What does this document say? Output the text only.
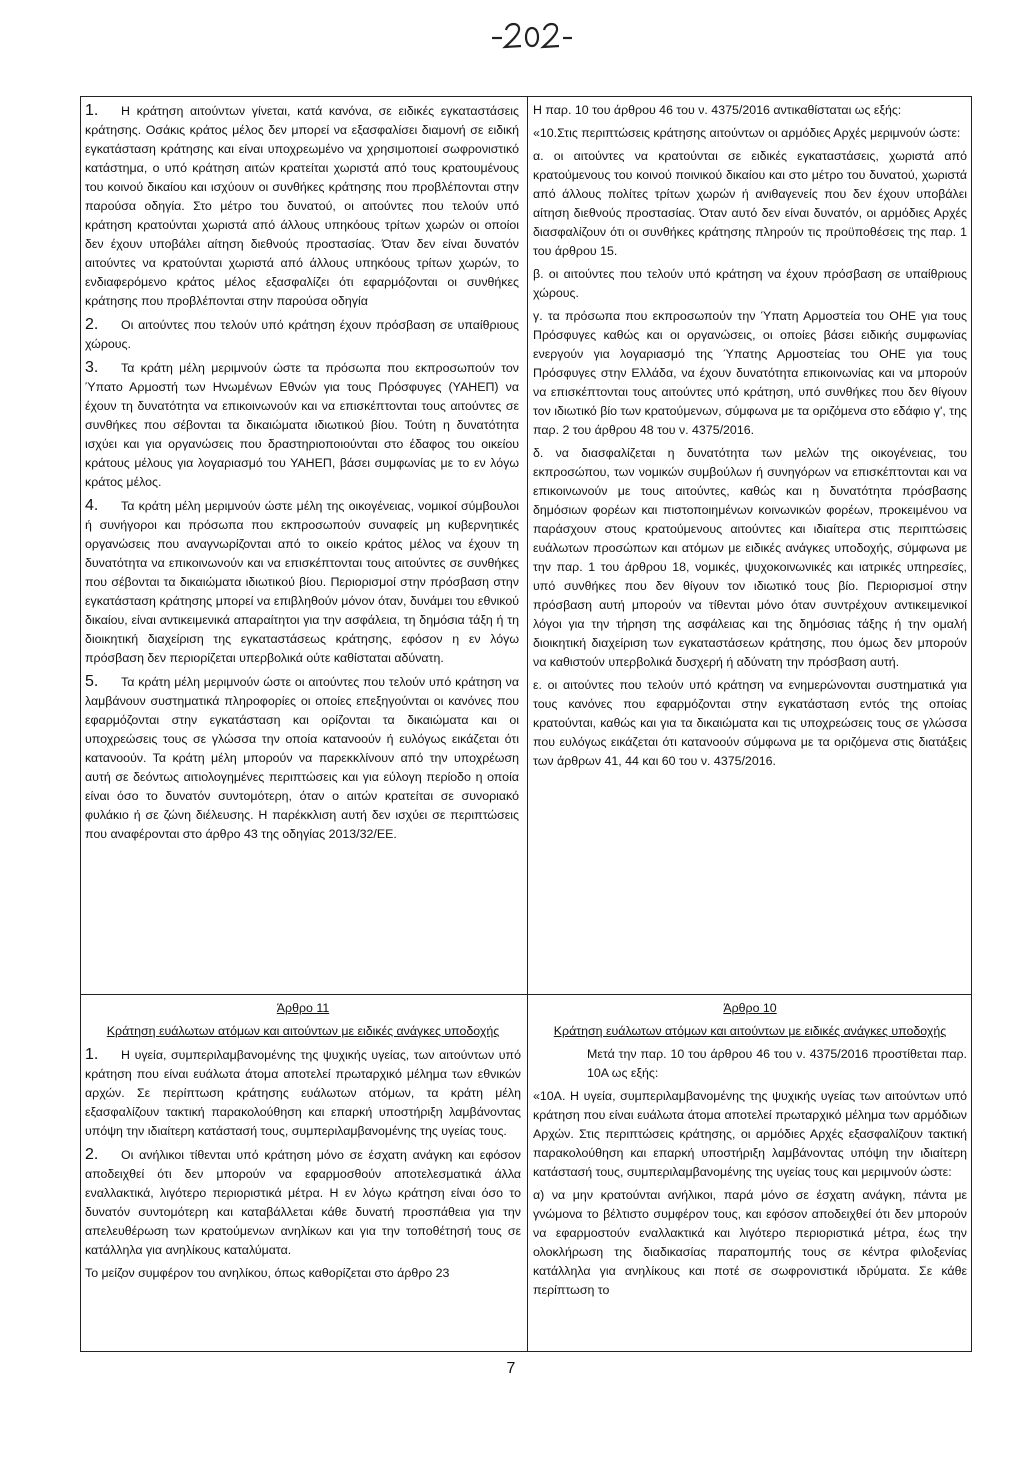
1. Η κράτηση αιτούντων γίνεται, κατά κανόνα, σε ειδικές εγκαταστάσεις κράτησης. Οσάκις κράτος μέλος δεν μπορεί να εξασφαλίσει διαμονή σε ειδική εγκατάσταση κράτησης και είναι υποχρεωμένο να χρησιμοποιεί σωφρονιστικό κατάστημα, ο υπό κράτηση αιτών κρατείται χωριστά από τους κρατουμένους του κοινού δικαίου και ισχύουν οι συνθήκες κράτησης που προβλέπονται στην παρούσα οδηγία. Στο μέτρο του δυνατού, οι αιτούντες που τελούν υπό κράτηση κρατούνται χωριστά από άλλους υπηκόους τρίτων χωρών οι οποίοι δεν έχουν υποβάλει αίτηση διεθνούς προστασίας. Όταν δεν είναι δυνατόν αιτούντες να κρατούνται χωριστά από άλλους υπηκόους τρίτων χωρών, το ενδιαφερόμενο κράτος μέλος εξασφαλίζει ότι εφαρμόζονται οι συνθήκες κράτησης που προβλέπονται στην παρούσα οδηγία

2. Οι αιτούντες που τελούν υπό κράτηση έχουν πρόσβαση σε υπαίθριους χώρους.

3. Τα κράτη μέλη μεριμνούν ώστε τα πρόσωπα που εκπροσωπούν τον Ύπατο Αρμοστή των Ηνωμένων Εθνών για τους Πρόσφυγες (ΥΑΗΕΠ) να έχουν τη δυνατότητα να επικοινωνούν και να επισκέπτονται τους αιτούντες σε συνθήκες που σέβονται τα δικαιώματα ιδιωτικού βίου. Τούτη η δυνατότητα ισχύει και για οργανώσεις που δραστηριοποιούνται στο έδαφος του οικείου κράτους μέλους για λογαριασμό του ΥΑΗΕΠ, βάσει συμφωνίας με το εν λόγω κράτος μέλος.

4. Τα κράτη μέλη μεριμνούν ώστε μέλη της οικογένειας, νομικοί σύμβουλοι ή συνήγοροι και πρόσωπα που εκπροσωπούν συναφείς μη κυβερνητικές οργανώσεις που αναγνωρίζονται από το οικείο κράτος μέλος να έχουν τη δυνατότητα να επικοινωνούν και να επισκέπτονται τους αιτούντες σε συνθήκες που σέβονται τα δικαιώματα ιδιωτικού βίου. Περιορισμοί στην πρόσβαση στην εγκατάσταση κράτησης μπορεί να επιβληθούν μόνον όταν, δυνάμει του εθνικού δικαίου, είναι αντικειμενικά απαραίτητοι για την ασφάλεια, τη δημόσια τάξη ή τη διοικητική διαχείριση της εγκαταστάσεως κράτησης, εφόσον η εν λόγω πρόσβαση δεν περιορίζεται υπερβολικά ούτε καθίσταται αδύνατη.

5. Τα κράτη μέλη μεριμνούν ώστε οι αιτούντες που τελούν υπό κράτηση να λαμβάνουν συστηματικά πληροφορίες οι οποίες επεξηγούνται οι κανόνες που εφαρμόζονται στην εγκατάσταση και ορίζονται τα δικαιώματα και οι υποχρεώσεις τους σε γλώσσα την οποία κατανοούν ή ευλόγως εικάζεται ότι κατανοούν. Τα κράτη μέλη μπορούν να παρεκκλίνουν από την υποχρέωση αυτή σε δεόντως αιτιολογημένες περιπτώσεις και για εύλογη περίοδο η οποία είναι όσο το δυνατόν συντομότερη, όταν ο αιτών κρατείται σε συνοριακό φυλάκιο ή σε ζώνη διέλευσης. Η παρέκκλιση αυτή δεν ισχύει σε περιπτώσεις που αναφέρονται στο άρθρο 43 της οδηγίας 2013/32/ΕΕ.

Η παρ. 10 του άρθρου 46 του ν. 4375/2016 αντικαθίσταται ως εξής:

«10.Στις περιπτώσεις κράτησης αιτούντων οι αρμόδιες Αρχές μεριμνούν ώστε:

α. οι αιτούντες να κρατούνται σε ειδικές εγκαταστάσεις, χωριστά από κρατούμενους του κοινού ποινικού δικαίου και στο μέτρο του δυνατού, χωριστά από άλλους πολίτες τρίτων χωρών ή ανιθαγενείς που δεν έχουν υποβάλει αίτηση διεθνούς προστασίας. Όταν αυτό δεν είναι δυνατόν, οι αρμόδιες Αρχές διασφαλίζουν ότι οι συνθήκες κράτησης πληρούν τις προϋποθέσεις της παρ. 1 του άρθρου 15.

β. οι αιτούντες που τελούν υπό κράτηση να έχουν πρόσβαση σε υπαίθριους χώρους.

γ. τα πρόσωπα που εκπροσωπούν την Ύπατη Αρμοστεία του ΟΗΕ για τους Πρόσφυγες καθώς και οι οργανώσεις, οι οποίες βάσει ειδικής συμφωνίας ενεργούν για λογαριασμό της Ύπατης Αρμοστείας του ΟΗΕ για τους Πρόσφυγες στην Ελλάδα, να έχουν δυνατότητα επικοινωνίας και να μπορούν να επισκέπτονται τους αιτούντες υπό κράτηση, υπό συνθήκες που δεν θίγουν τον ιδιωτικό βίο των κρατούμενων, σύμφωνα με τα οριζόμενα στο εδάφιο γ', της παρ. 2 του άρθρου 48 του ν. 4375/2016.

δ. να διασφαλίζεται η δυνατότητα των μελών της οικογένειας, του εκπροσώπου, των νομικών συμβούλων ή συνηγόρων να επισκέπτονται και να επικοινωνούν με τους αιτούντες, καθώς και η δυνατότητα πρόσβασης δημόσιων φορέων και πιστοποιημένων κοινωνικών φορέων, προκειμένου να παράσχουν στους κρατούμενους αιτούντες και ιδιαίτερα στις περιπτώσεις ευάλωτων προσώπων και ατόμων με ειδικές ανάγκες υποδοχής, σύμφωνα με την παρ. 1 του άρθρου 18, νομικές, ψυχοκοινωνικές και ιατρικές υπηρεσίες, υπό συνθήκες που δεν θίγουν τον ιδιωτικό τους βίο. Περιορισμοί στην πρόσβαση αυτή μπορούν να τίθενται μόνο όταν συντρέχουν αντικειμενικοί λόγοι για την τήρηση της ασφάλειας και της δημόσιας τάξης ή την ομαλή διοικητική διαχείριση των εγκαταστάσεων κράτησης, που όμως δεν μπορούν να καθιστούν υπερβολικά δυσχερή ή αδύνατη την πρόσβαση αυτή.

ε. οι αιτούντες που τελούν υπό κράτηση να ενημερώνονται συστηματικά για τους κανόνες που εφαρμόζονται στην εγκατάσταση εντός της οποίας κρατούνται, καθώς και για τα δικαιώματα και τις υποχρεώσεις τους σε γλώσσα που ευλόγως εικάζεται ότι κατανοούν σύμφωνα με τα οριζόμενα στις διατάξεις των άρθρων 41, 44 και 60 του ν. 4375/2016.

Άρθρο 11

Κράτηση ευάλωτων ατόμων και αιτούντων με ειδικές ανάγκες υποδοχής

1. Η υγεία, συμπεριλαμβανομένης της ψυχικής υγείας, των αιτούντων υπό κράτηση που είναι ευάλωτα άτομα αποτελεί πρωταρχικό μέλημα των εθνικών αρχών. Σε περίπτωση κράτησης ευάλωτων ατόμων, τα κράτη μέλη εξασφαλίζουν τακτική παρακολούθηση και επαρκή υποστήριξη λαμβάνοντας υπόψη την ιδιαίτερη κατάστασή τους, συμπεριλαμβανομένης της υγείας τους.

2. Οι ανήλικοι τίθενται υπό κράτηση μόνο σε έσχατη ανάγκη και εφόσον αποδειχθεί ότι δεν μπορούν να εφαρμοσθούν αποτελεσματικά άλλα εναλλακτικά, λιγότερο περιοριστικά μέτρα. Η εν λόγω κράτηση είναι όσο το δυνατόν συντομότερη και καταβάλλεται κάθε δυνατή προσπάθεια για την απελευθέρωση των κρατούμενων ανηλίκων και για την τοποθέτησή τους σε κατάλληλα για ανηλίκους καταλύματα.

Το μείζον συμφέρον του ανηλίκου, όπως καθορίζεται στο άρθρο 23

Άρθρο 10

Κράτηση ευάλωτων ατόμων και αιτούντων με ειδικές ανάγκες υποδοχής

Μετά την παρ. 10 του άρθρου 46 του ν. 4375/2016 προστίθεται παρ. 10Α ως εξής:

«10Α. Η υγεία, συμπεριλαμβανομένης της ψυχικής υγείας των αιτούντων υπό κράτηση που είναι ευάλωτα άτομα αποτελεί πρωταρχικό μέλημα των αρμόδιων Αρχών. Στις περιπτώσεις κράτησης, οι αρμόδιες Αρχές εξασφαλίζουν τακτική παρακολούθηση και επαρκή υποστήριξη λαμβάνοντας υπόψη την ιδιαίτερη κατάστασή τους, συμπεριλαμβανομένης της υγείας τους και μεριμνούν ώστε:

α) να μην κρατούνται ανήλικοι, παρά μόνο σε έσχατη ανάγκη, πάντα με γνώμονα το βέλτιστο συμφέρον τους, και εφόσον αποδειχθεί ότι δεν μπορούν να εφαρμοστούν εναλλακτικά και λιγότερο περιοριστικά μέτρα, έως την ολοκλήρωση της διαδικασίας παραπομπής τους σε κέντρα φιλοξενίας κατάλληλα για ανηλίκους και ποτέ σε σωφρονιστικά ιδρύματα. Σε κάθε περίπτωση το

7
